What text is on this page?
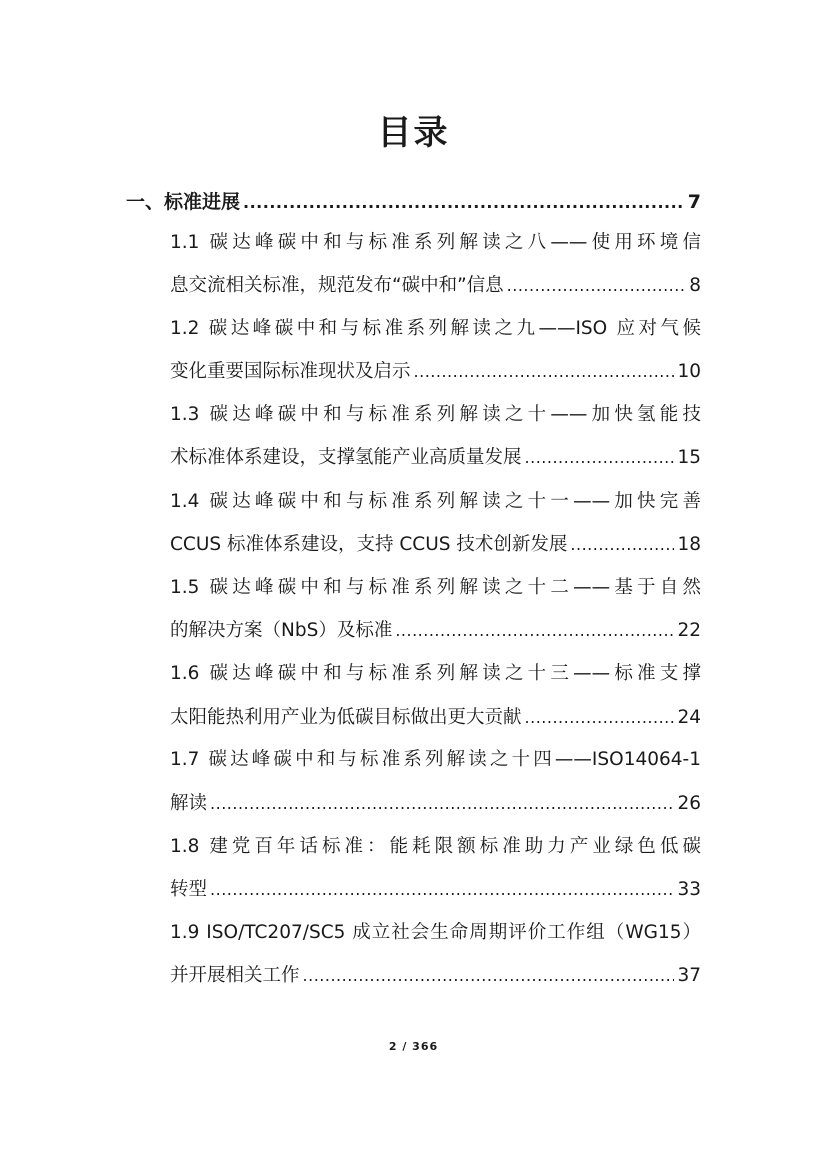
目录
一、标准进展 .....	7
1.1 碳达峰碳中和与标准系列解读之八——使用环境信
息交流相关标准，规范发布“碳中和”信息 .....	8
1.2 碳达峰碳中和与标准系列解读之九——ISO 应对气候
变化重要国际标准现状及启示 .....	10
1.3 碳达峰碳中和与标准系列解读之十——加快氢能技
术标准体系建设，支撑氢能产业高质量发展 .....	15
1.4 碳达峰碳中和与标准系列解读之十一——加快完善
CCUS 标准体系建设，支持 CCUS 技术创新发展 .....	18
1.5 碳达峰碳中和与标准系列解读之十二——基于自然
的解决方案（NbS）及标准 .....	22
1.6 碳达峰碳中和与标准系列解读之十三——标准支撑
太阳能热利用产业为低碳目标做出更大贡献 .....	24
1.7 碳达峰碳中和与标准系列解读之十四——ISO14064-1
解读 .....	26
1.8 建党百年话标准：能耗限额标准助力产业绿色低碳
转型 .....	33
1.9 ISO/TC207/SC5 成立社会生命周期评价工作组（WG15）
并开展相关工作 .....	37
2 / 366
